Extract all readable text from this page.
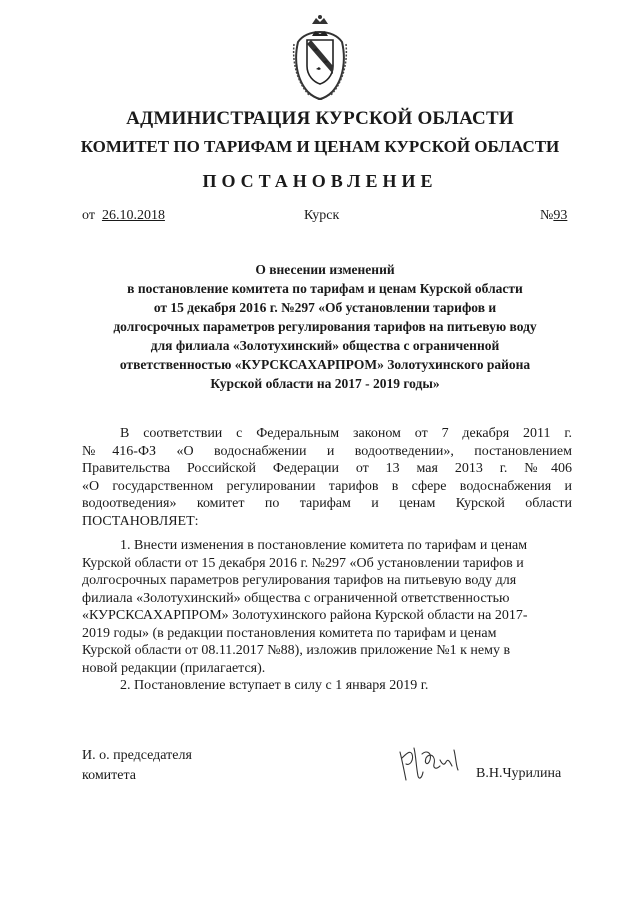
АДМИНИСТРАЦИЯ КУРСКОЙ ОБЛАСТИ
КОМИТЕТ ПО ТАРИФАМ И ЦЕНАМ КУРСКОЙ ОБЛАСТИ
ПОСТАНОВЛЕНИЕ
от 26.10.2018	Курск	№93
О внесении изменений
в постановление комитета по тарифам и ценам Курской области
от 15 декабря 2016 г. №297 «Об установлении тарифов и
долгосрочных параметров регулирования тарифов на питьевую воду
для филиала «Золотухинский» общества с ограниченной
ответственностью «КУРСКСАХАРПРОМ» Золотухинского района
Курской области на 2017 - 2019 годы»
В соответствии с Федеральным законом от 7 декабря 2011 г.
№416-ФЗ «О водоснабжении и водоотведении», постановлением
Правительства Российской Федерации от 13 мая 2013 г. №406
«О государственном регулировании тарифов в сфере водоснабжения и
водоотведения» комитет по тарифам и ценам Курской области
ПОСТАНОВЛЯЕТ:
1. Внести изменения в постановление комитета по тарифам и ценам
Курской области от 15 декабря 2016 г. №297 «Об установлении тарифов и
долгосрочных параметров регулирования тарифов на питьевую воду для
филиала «Золотухинский» общества с ограниченной ответственностью
«КУРСКСАХАРПРОМ» Золотухинского района Курской области на 2017-
2019 годы» (в редакции постановления комитета по тарифам и ценам
Курской области от 08.11.2017 №88), изложив приложение №1 к нему в
новой редакции (прилагается).
2. Постановление вступает в силу с 1 января 2019 г.
И. о. председателя
комитета	В.Н.Чурилина
